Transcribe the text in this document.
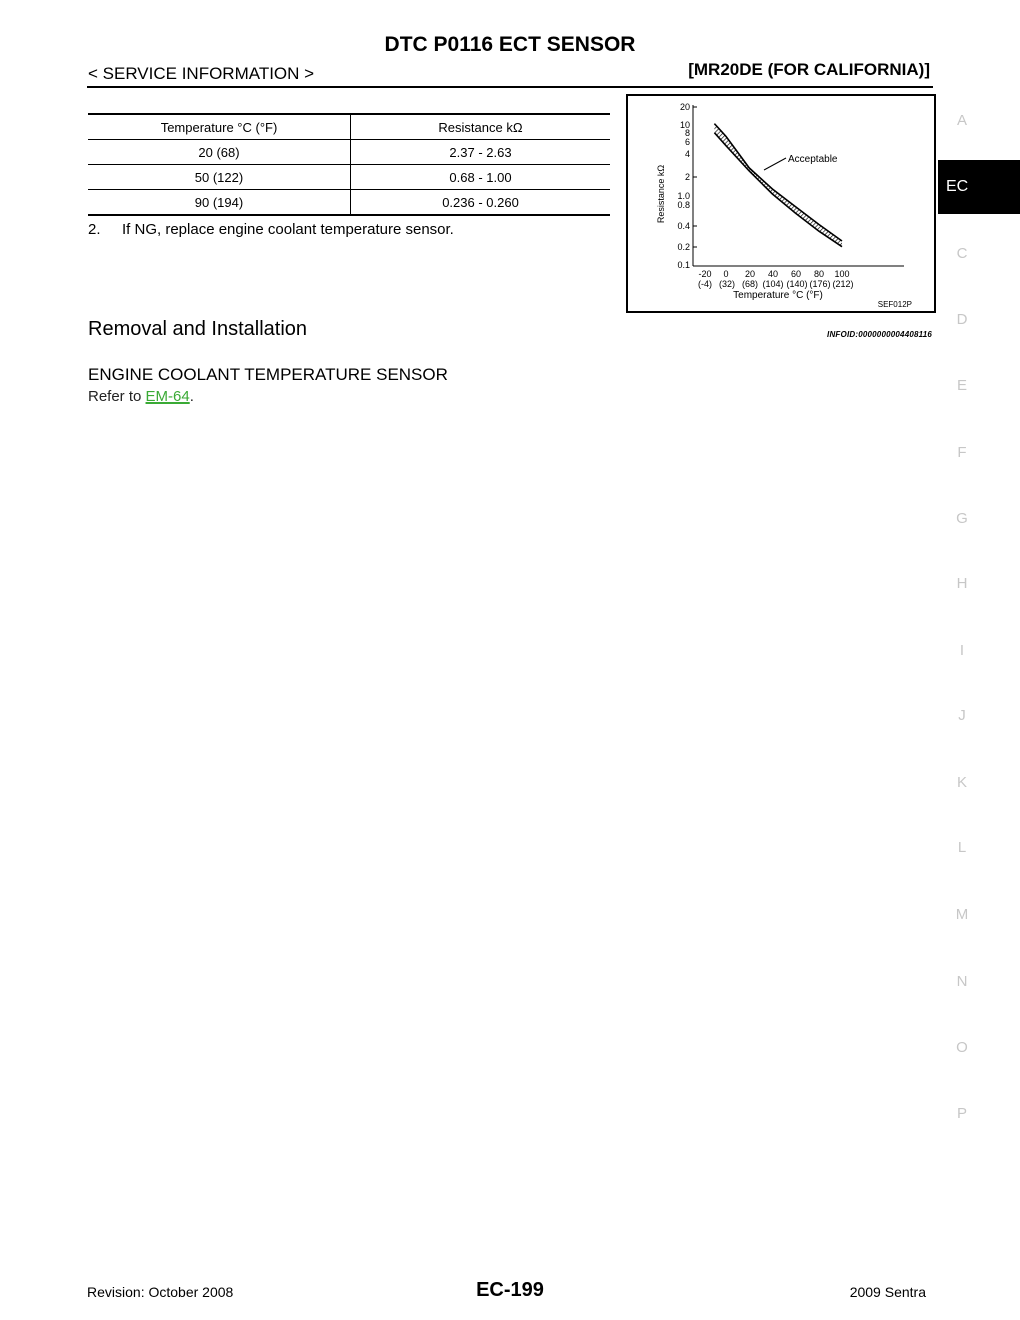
DTC P0116 ECT SENSOR
< SERVICE INFORMATION >	[MR20DE (FOR CALIFORNIA)]
Temperature °C (°F)	Resistance kΩ
20 (68)	2.37 - 2.63
50 (122)	0.68 - 1.00
90 (194)	0.236 - 0.260
2. If NG, replace engine coolant temperature sensor.
Resistance kΩ
20
10
8
6
4
2
1.0
0.8
0.4
0.2
0.1
Acceptable
-20 0 20 40 60 80 100
(-4) (32) (68) (104) (140) (176) (212)
Temperature °C (°F)
SEF012P
INFOID:0000000004408116
Removal and Installation
ENGINE COOLANT TEMPERATURE SENSOR
Refer to EM-64.
A
EC
C
D
E
F
G
H
I
J
K
L
M
N
O
P
Revision: October 2008	EC-199	2009 Sentra
